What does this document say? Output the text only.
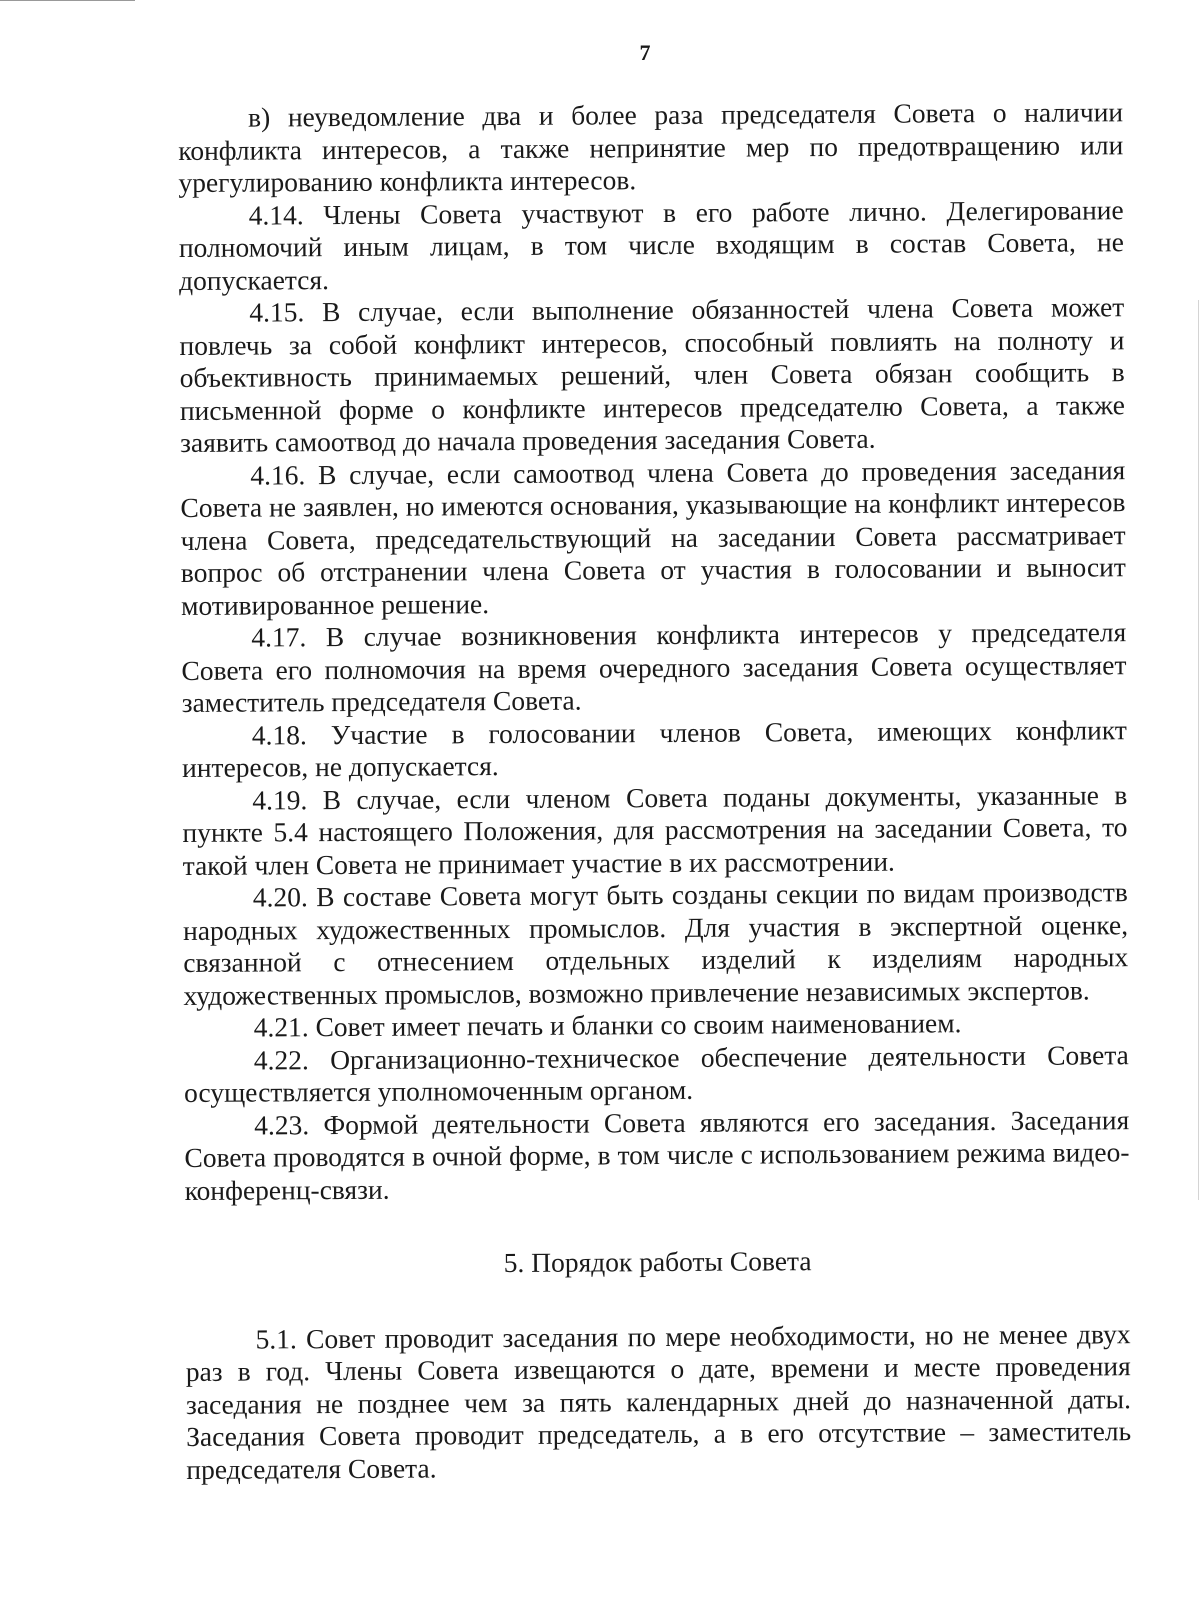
7

в) неуведомление два и более раза председателя Совета о наличии конфликта интересов, а также непринятие мер по предотвращению или урегулированию конфликта интересов.

4.14. Члены Совета участвуют в его работе лично. Делегирование полномочий иным лицам, в том числе входящим в состав Совета, не допускается.

4.15. В случае, если выполнение обязанностей члена Совета может повлечь за собой конфликт интересов, способный повлиять на полноту и объективность принимаемых решений, член Совета обязан сообщить в письменной форме о конфликте интересов председателю Совета, а также заявить самоотвод до начала проведения заседания Совета.

4.16. В случае, если самоотвод члена Совета до проведения заседания Совета не заявлен, но имеются основания, указывающие на конфликт интересов члена Совета, председательствующий на заседании Совета рассматривает вопрос об отстранении члена Совета от участия в голосовании и выносит мотивированное решение.

4.17. В случае возникновения конфликта интересов у председателя Совета его полномочия на время очередного заседания Совета осуществляет заместитель председателя Совета.

4.18. Участие в голосовании членов Совета, имеющих конфликт интересов, не допускается.

4.19. В случае, если членом Совета поданы документы, указанные в пункте 5.4 настоящего Положения, для рассмотрения на заседании Совета, то такой член Совета не принимает участие в их рассмотрении.

4.20. В составе Совета могут быть созданы секции по видам производств народных художественных промыслов. Для участия в экспертной оценке, связанной с отнесением отдельных изделий к изделиям народных художественных промыслов, возможно привлечение независимых экспертов.

4.21. Совет имеет печать и бланки со своим наименованием.

4.22. Организационно-техническое обеспечение деятельности Совета осуществляется уполномоченным органом.

4.23. Формой деятельности Совета являются его заседания. Заседания Совета проводятся в очной форме, в том числе с использованием режима видео-конференц-связи.

5. Порядок работы Совета

5.1. Совет проводит заседания по мере необходимости, но не менее двух раз в год. Члены Совета извещаются о дате, времени и месте проведения заседания не позднее чем за пять календарных дней до назначенной даты. Заседания Совета проводит председатель, а в его отсутствие – заместитель председателя Совета.
